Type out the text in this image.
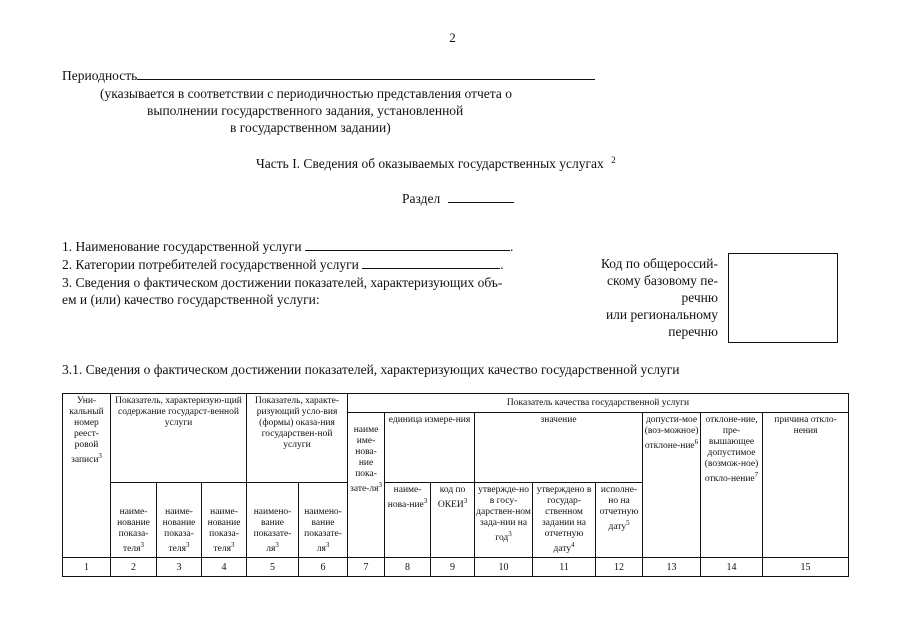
2
Периодность
(указывается в соответствии с периодичностью представления отчета о
выполнении государственного задания, установленной
в государственном задании)
Часть I. Сведения об оказываемых государственных услугах $^2$
Раздел
1. Наименование государственной услуги	.
2. Категории потребителей государственной услуги	.
3. Сведения о фактическом достижении показателей, характеризующих объ-
ем и (или) качество государственной услуги:
Код по общероссий-
скому базовому пе-
речню
или региональному
перечню
3.1. Сведения о фактическом достижении показателей, характеризующих качество государственной услуги
Уни-кальный номер реест-ровой записи$^3$	Показатель, характеризую-щий содержание государст-венной услуги			Показатель, характе-ризующий усло-вия (формы) оказа-ния государствен-ной услуги		Показатель качества государственной услуги								
						наиме име-нова-ние пока-$зате-ля^3$	единица измере-ния		значение			допусти-мое (воз-можное) отклоне-ние$^6$	отклоне-ние, пре-вышающее допустимое (возмож-ное) откло-нение$^7$	причина откло-нения
	наиме-нование показа-теля$^3$	наиме-нование показа-теля$^3$	наиме-нование показа-теля$^3$	наимено-вание показате-$ля^3$	наимено-вание показате-$ля^3$		наиме-нова-ние$^3$	код по ОКЕИ$^3$	утвержде-но в госу-дарствен-ном зада-нии на год$^3$	утверждено в государ-ственном задании на отчетную дату$^4$	исполне-но на отчетную дату$^5$
1	2	3	4	5	6	7	8	9	10	11	12	13	14	15
